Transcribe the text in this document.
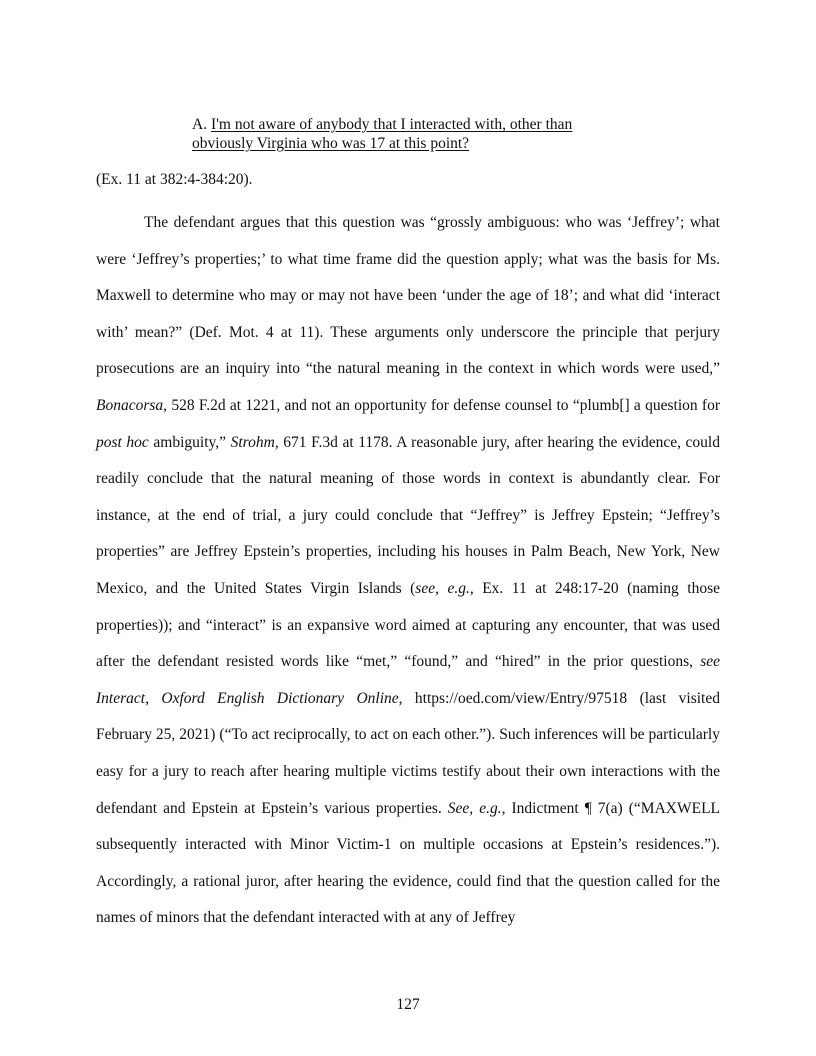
A. I'm not aware of anybody that I interacted with, other than
obviously Virginia who was 17 at this point?
(Ex. 11 at 382:4-384:20).

The defendant argues that this question was “grossly ambiguous: who was ‘Jeffrey’; what were ‘Jeffrey’s properties;’ to what time frame did the question apply; what was the basis for Ms. Maxwell to determine who may or may not have been ‘under the age of 18’; and what did ‘interact with’ mean?” (Def. Mot. 4 at 11). These arguments only underscore the principle that perjury prosecutions are an inquiry into “the natural meaning in the context in which words were used,” Bonacorsa, 528 F.2d at 1221, and not an opportunity for defense counsel to “plumb[] a question for post hoc ambiguity,” Strohm, 671 F.3d at 1178. A reasonable jury, after hearing the evidence, could readily conclude that the natural meaning of those words in context is abundantly clear. For instance, at the end of trial, a jury could conclude that “Jeffrey” is Jeffrey Epstein; “Jeffrey’s properties” are Jeffrey Epstein’s properties, including his houses in Palm Beach, New York, New Mexico, and the United States Virgin Islands (see, e.g., Ex. 11 at 248:17-20 (naming those properties)); and “interact” is an expansive word aimed at capturing any encounter, that was used after the defendant resisted words like “met,” “found,” and “hired” in the prior questions, see Interact, Oxford English Dictionary Online, https://oed.com/view/Entry/97518 (last visited February 25, 2021) (“To act reciprocally, to act on each other.”). Such inferences will be particularly easy for a jury to reach after hearing multiple victims testify about their own interactions with the defendant and Epstein at Epstein’s various properties. See, e.g., Indictment ¶ 7(a) (“MAXWELL subsequently interacted with Minor Victim-1 on multiple occasions at Epstein’s residences.”). Accordingly, a rational juror, after hearing the evidence, could find that the question called for the names of minors that the defendant interacted with at any of Jeffrey

127
